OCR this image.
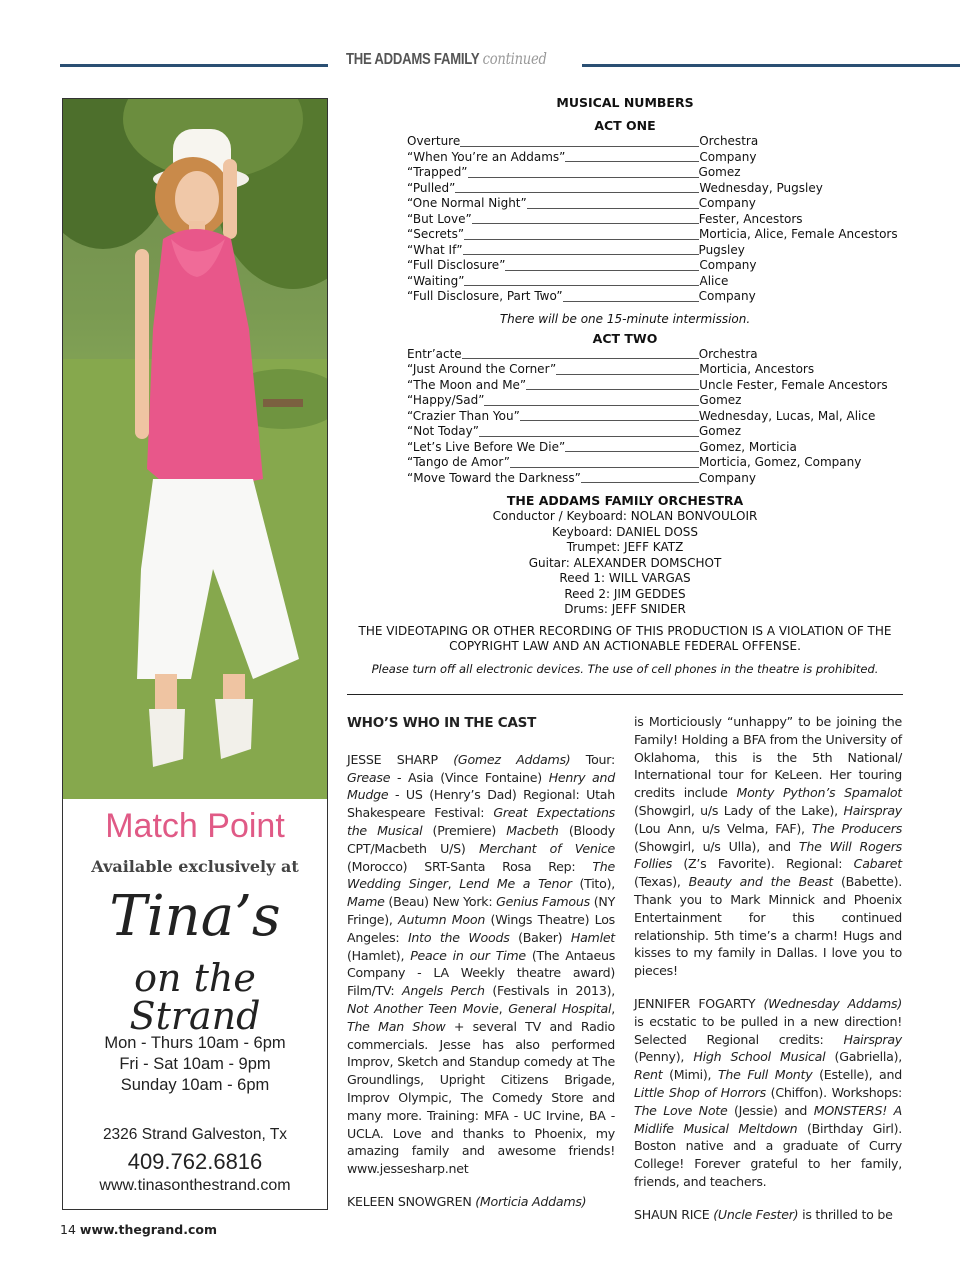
THE ADDAMS FAMILY continued
Match Point
Available exclusively at
Tina’s
on the Strand
Mon - Thurs 10am - 6pm
Fri - Sat 10am - 9pm
Sunday 10am - 6pm
2326 Strand Galveston, Tx
409.762.6816
www.tinasonthestrand.com
MUSICAL NUMBERS
ACT ONE
Overture	Orchestra
“When You’re an Addams”	Company
“Trapped”	Gomez
“Pulled”	Wednesday, Pugsley
“One Normal Night”	Company
“But Love”	Fester, Ancestors
“Secrets”	Morticia, Alice, Female Ancestors
“What If”	Pugsley
“Full Disclosure”	Company
“Waiting”	Alice
“Full Disclosure, Part Two”	Company
There will be one 15-minute intermission.
ACT TWO
Entr’acte	Orchestra
“Just Around the Corner”	Morticia, Ancestors
“The Moon and Me”	Uncle Fester, Female Ancestors
“Happy/Sad”	Gomez
“Crazier Than You”	Wednesday, Lucas, Mal, Alice
“Not Today”	Gomez
“Let’s Live Before We Die”	Gomez, Morticia
“Tango de Amor”	Morticia, Gomez, Company
“Move Toward the Darkness”	Company
THE ADDAMS FAMILY ORCHESTRA
Conductor / Keyboard: NOLAN BONVOULOIR
Keyboard: DANIEL DOSS
Trumpet: JEFF KATZ
Guitar: ALEXANDER DOMSCHOT
Reed 1: WILL VARGAS
Reed 2: JIM GEDDES
Drums: JEFF SNIDER
THE VIDEOTAPING OR OTHER RECORDING OF THIS PRODUCTION IS A VIOLATION OF THE
COPYRIGHT LAW AND AN ACTIONABLE FEDERAL OFFENSE.
Please turn off all electronic devices. The use of cell phones in the theatre is prohibited.
WHO’S WHO IN THE CAST

JESSE SHARP (Gomez Addams) Tour: Grease - Asia (Vince Fontaine) Henry and Mudge - US (Henry’s Dad) Regional: Utah Shakespeare Festival: Great Expectations the Musical (Premiere) Macbeth (Bloody CPT/Macbeth U/S) Merchant of Venice (Morocco) SRT-Santa Rosa Rep: The Wedding Singer, Lend Me a Tenor (Tito), Mame (Beau) New York: Genius Famous (NY Fringe), Autumn Moon (Wings Theatre) Los Angeles: Into the Woods (Baker) Hamlet (Hamlet), Peace in our Time (The Antaeus Company - LA Weekly theatre award) Film/TV: Angels Perch (Festivals in 2013), Not Another Teen Movie, General Hospital, The Man Show + several TV and Radio commercials. Jesse has also performed Improv, Sketch and Standup comedy at The Groundlings, Upright Citizens Brigade, Improv Olympic, The Comedy Store and many more. Training: MFA - UC Irvine, BA - UCLA. Love and thanks to Phoenix, my amazing family and awesome friends! www.jessesharp.net

KELEEN SNOWGREN (Morticia Addams)

is Morticiously “unhappy” to be joining the Family! Holding a BFA from the University of Oklahoma, this is the 5th National/ International tour for KeLeen. Her touring credits include Monty Python’s Spamalot (Showgirl, u/s Lady of the Lake), Hairspray (Lou Ann, u/s Velma, FAF), The Producers (Showgirl, u/s Ulla), and The Will Rogers Follies (Z’s Favorite). Regional: Cabaret (Texas), Beauty and the Beast (Babette). Thank you to Mark Minnick and Phoenix Entertainment for this continued relationship. 5th time’s a charm! Hugs and kisses to my family in Dallas. I love you to pieces!

JENNIFER FOGARTY (Wednesday Addams) is ecstatic to be pulled in a new direction! Selected Regional credits: Hairspray (Penny), High School Musical (Gabriella), Rent (Mimi), The Full Monty (Estelle), and Little Shop of Horrors (Chiffon). Workshops: The Love Note (Jessie) and MONSTERS! A Midlife Musical Meltdown (Birthday Girl). Boston native and a graduate of Curry College! Forever grateful to her family, friends, and teachers.

SHAUN RICE (Uncle Fester) is thrilled to be

14 www.thegrand.com
